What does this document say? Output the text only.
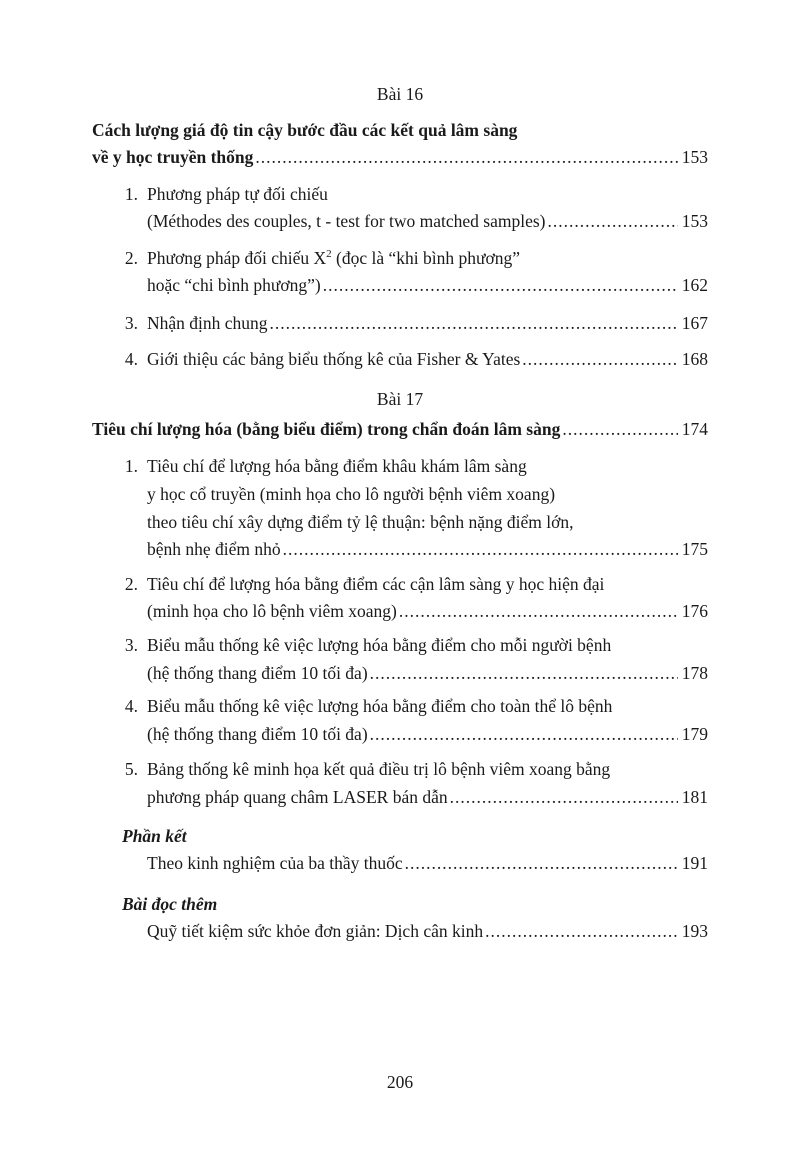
Bài 16
Cách lượng giá độ tin cậy bước đầu các kết quả lâm sàng
về y học truyền thống .....	153
1. Phương pháp tự đối chiếu
(Méthodes des couples, t - test for two matched samples) .....	153
2. Phương pháp đối chiếu $X^2$ (đọc là “khi bình phương”
hoặc “chi bình phương”) .....	162
3. Nhận định chung .....	167
4. Giới thiệu các bảng biểu thống kê của Fisher & Yates .....	168
Bài 17
Tiêu chí lượng hóa (bằng biểu điểm) trong chẩn đoán lâm sàng .....	174
1. Tiêu chí để lượng hóa bằng điểm khâu khám lâm sàng
y học cổ truyền (minh họa cho lô người bệnh viêm xoang)
theo tiêu chí xây dựng điểm tỷ lệ thuận: bệnh nặng điểm lớn,
bệnh nhẹ điểm nhỏ .....	175
2. Tiêu chí để lượng hóa bằng điểm các cận lâm sàng y học hiện đại
(minh họa cho lô bệnh viêm xoang) .....	176
3. Biểu mẫu thống kê việc lượng hóa bằng điểm cho mỗi người bệnh
(hệ thống thang điểm 10 tối đa) .....	178
4. Biểu mẫu thống kê việc lượng hóa bằng điểm cho toàn thể lô bệnh
(hệ thống thang điểm 10 tối đa) .....	179
5. Bảng thống kê minh họa kết quả điều trị lô bệnh viêm xoang bằng
phương pháp quang châm LASER bán dẫn .....	181
Phần kết
Theo kinh nghiệm của ba thầy thuốc .....	191
Bài đọc thêm
Quỹ tiết kiệm sức khỏe đơn giản: Dịch cân kinh .....	193
206
